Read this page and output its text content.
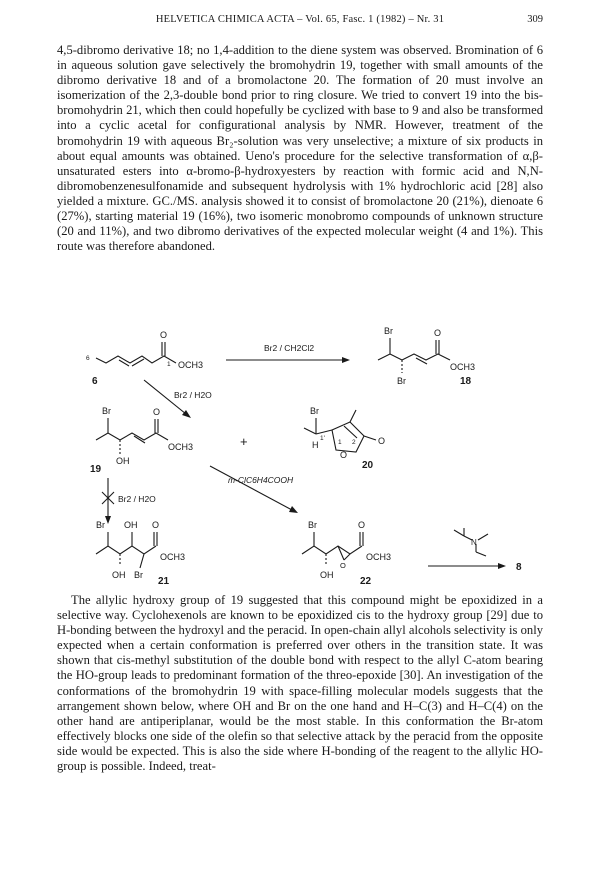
HELVETICA CHIMICA ACTA – Vol. 65, Fasc. 1 (1982) – Nr. 31	309

4,5-dibromo derivative 18; no 1,4-addition to the diene system was observed. Bromination of 6 in aqueous solution gave selectively the bromohydrin 19, together with small amounts of the dibromo derivative 18 and of a bromolactone 20. The formation of 20 must involve an isomerization of the 2,3-double bond prior to ring closure. We tried to convert 19 into the bis-bromohydrin 21, which then could hopefully be cyclized with base to 9 and also be transformed into a cyclic acetal for configurational analysis by NMR. However, treatment of the bromohydrin 19 with aqueous Br₂-solution was very unselective; a mixture of six products in about equal amounts was obtained. Ueno's procedure for the selective transformation of α,β-unsaturated esters into α-bromo-β-hydroxyesters by reaction with formic acid and N,N-dibromobenzenesulfonamide and subsequent hydrolysis with 1% hydrochloric acid [28] also yielded a mixture. GC./MS. analysis showed it to consist of bromolactone 20 (21%), dienoate 6 (27%), starting material 19 (16%), two isomeric monobromo compounds of unknown structure (20 and 11%), and two dibromo derivatives of the expected molecular weight (4 and 1%). This route was therefore abandoned.

O
OCH3
6
1
6
Br2 / CH2Cl2
Br
Br
O
OCH3
18
Br2 / H2O
Br
OH
O
OCH3
19
+
Br
H
O
O
1'
1 2
20
Br2 / H2O
m-ClC6H4COOH
Br OH O
OCH3
OH Br
21
Br	O
O
OCH3
OH
22
N
8

The allylic hydroxy group of 19 suggested that this compound might be epoxidized in a selective way. Cyclohexenols are known to be epoxidized cis to the hydroxy group [29] due to H-bonding between the hydroxyl and the peracid. In open-chain allyl alcohols selectivity is only expected when a certain conformation is preferred over others in the transition state. It was shown that cis-methyl substitution of the double bond with respect to the allyl C-atom bearing the HO-group leads to predominant formation of the threo-epoxide [30]. An investigation of the conformations of the bromohydrin 19 with space-filling molecular models suggests that the arrangement shown below, where OH and Br on the one hand and H–C(3) and H–C(4) on the other hand are antiperiplanar, would be the most stable. In this conformation the Br-atom effectively blocks one side of the olefin so that selective attack by the peracid from the opposite side would be expected. This is also the side where H-bonding of the reagent to the allylic HO-group is possible. Indeed, treat-
